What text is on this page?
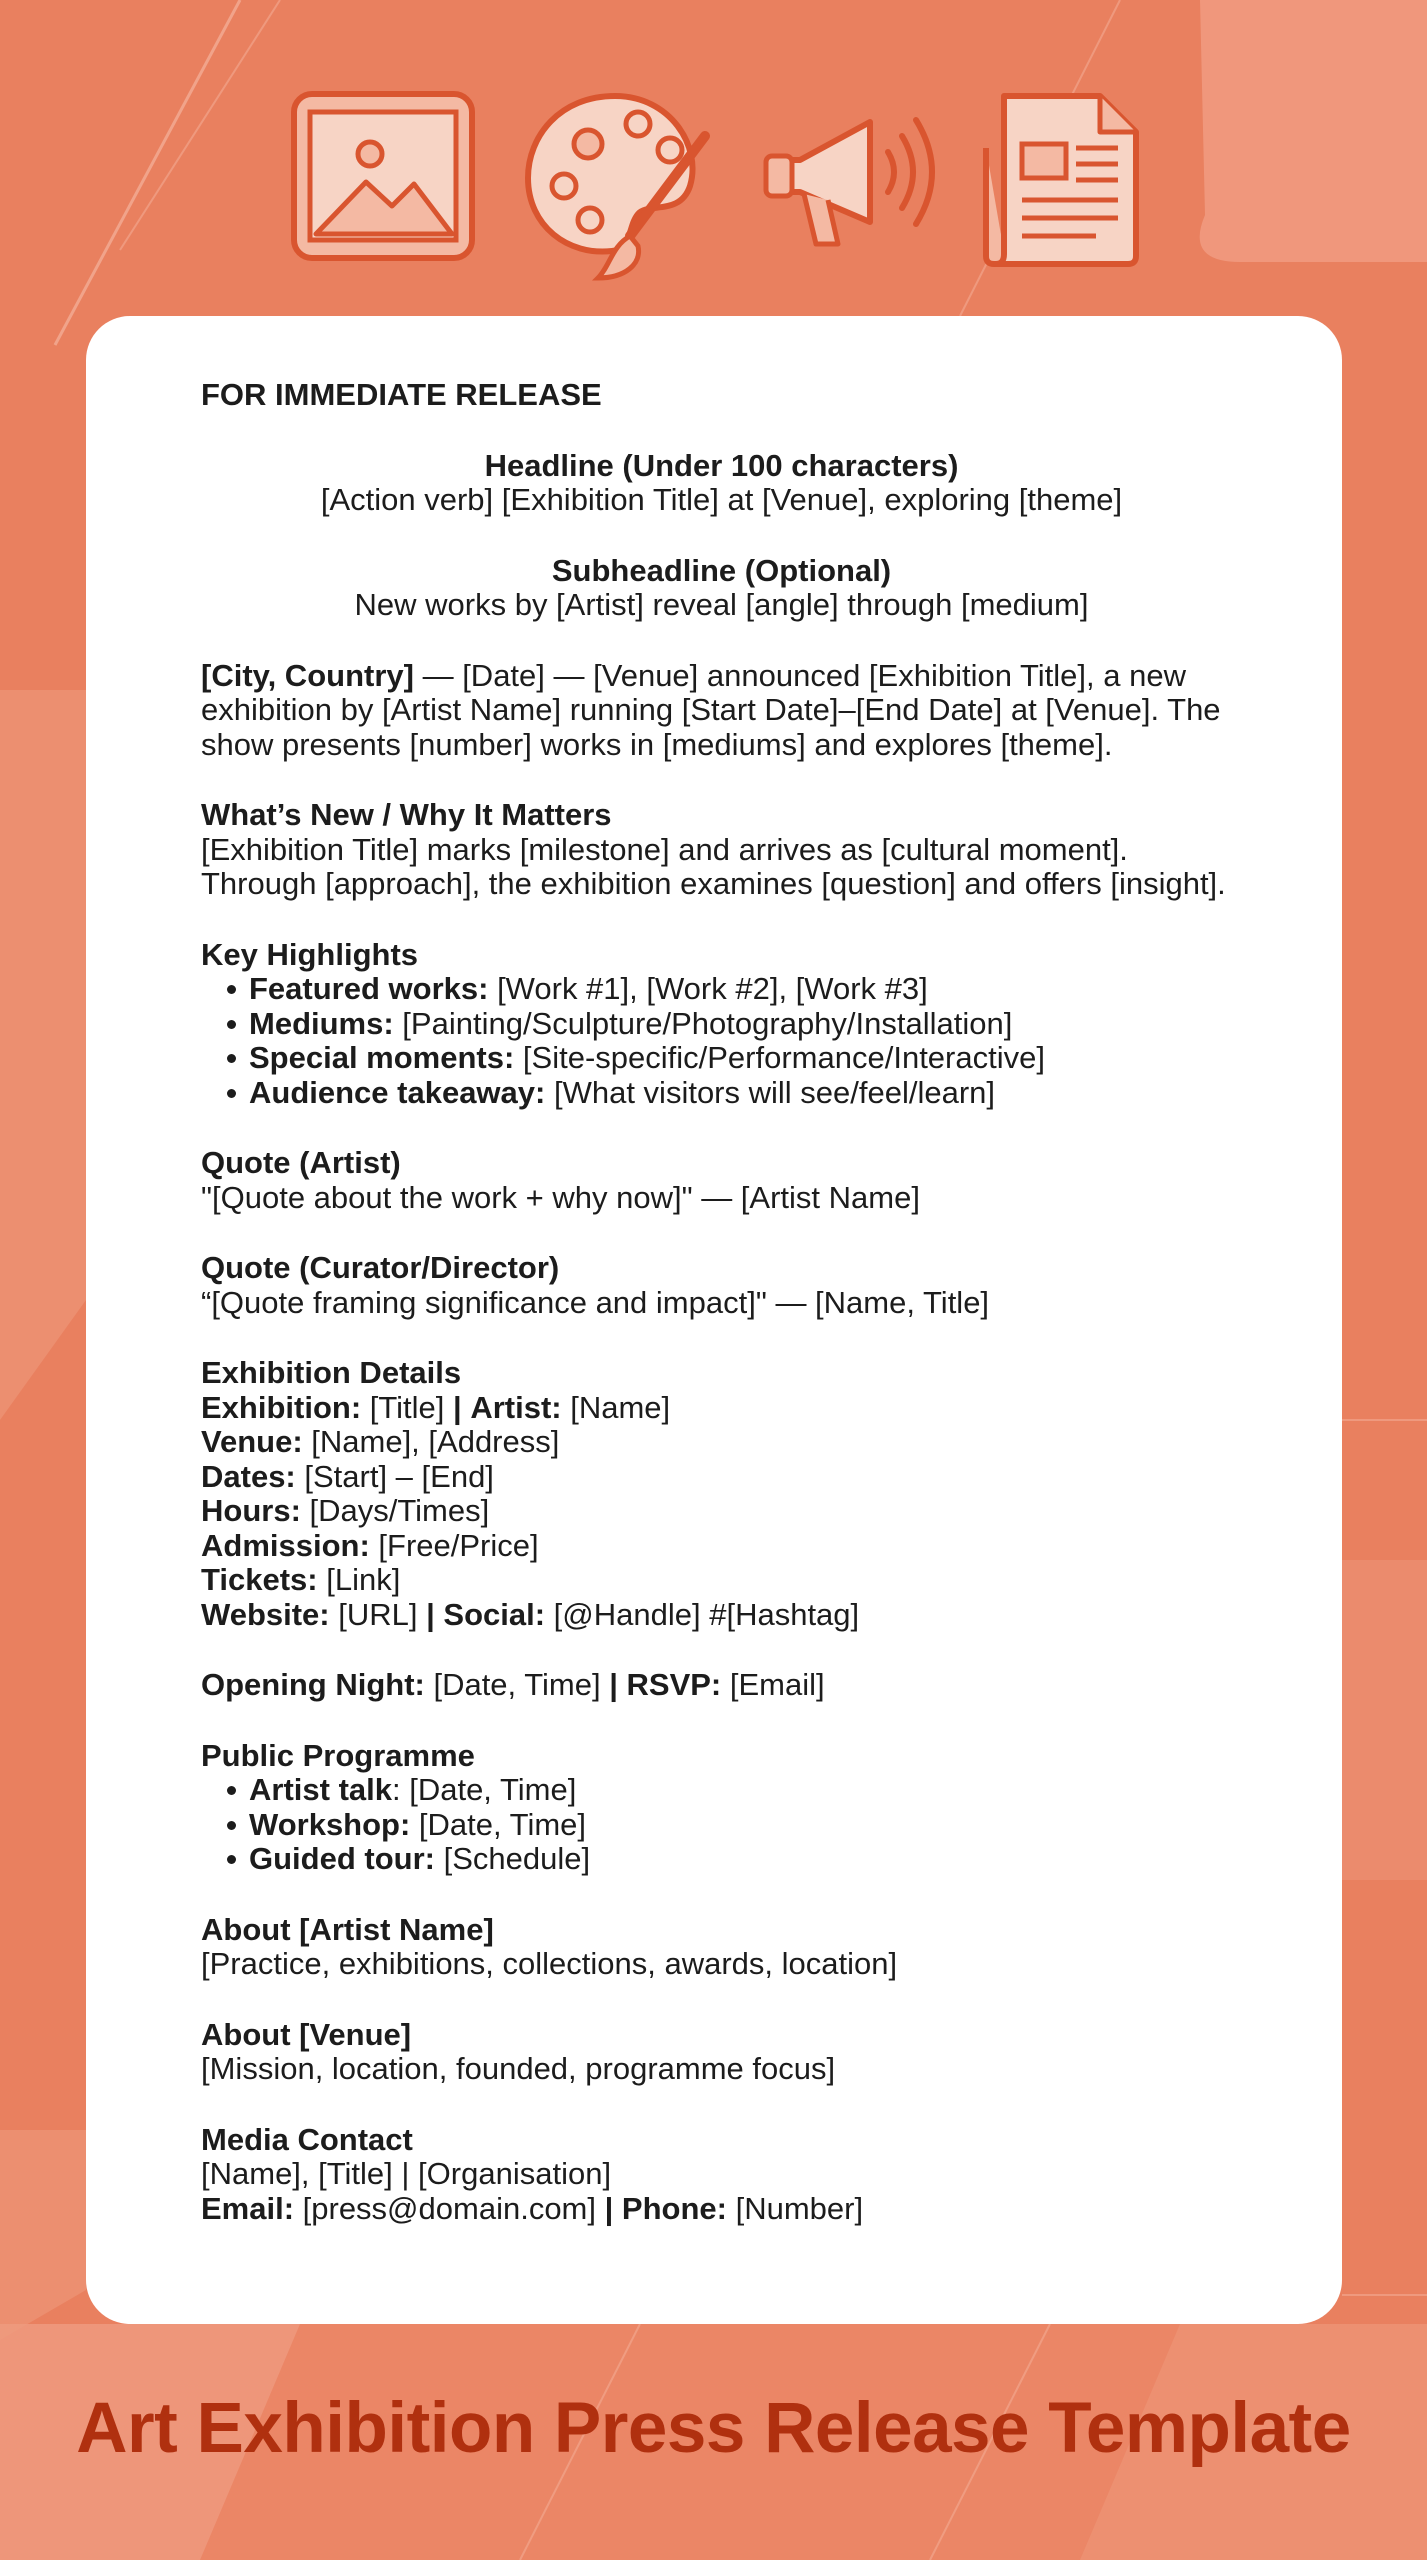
FOR IMMEDIATE RELEASE

Headline (Under 100 characters)

[Action verb] [Exhibition Title] at [Venue], exploring [theme]

Subheadline (Optional)

New works by [Artist] reveal [angle] through [medium]

[City, Country] — [Date] — [Venue] announced [Exhibition Title], a new

exhibition by [Artist Name] running [Start Date]–[End Date] at [Venue]. The

show presents [number] works in [mediums] and explores [theme].

What’s New / Why It Matters

[Exhibition Title] marks [milestone] and arrives as [cultural moment].

Through [approach], the exhibition examines [question] and offers [insight].

Key Highlights

Featured works: [Work #1], [Work #2], [Work #3]
Mediums: [Painting/Sculpture/Photography/Installation]
Special moments: [Site-specific/Performance/Interactive]
Audience takeaway: [What visitors will see/feel/learn]

Quote (Artist)

"[Quote about the work + why now]" — [Artist Name]

Quote (Curator/Director)

“[Quote framing significance and impact]" — [Name, Title]

Exhibition Details

Exhibition: [Title] | Artist: [Name]

Venue: [Name], [Address]

Dates: [Start] – [End]

Hours: [Days/Times]

Admission: [Free/Price]

Tickets: [Link]

Website: [URL] | Social: [@Handle] #[Hashtag]

Opening Night: [Date, Time] | RSVP: [Email]

Public Programme

Artist talk: [Date, Time]
Workshop: [Date, Time]
Guided tour: [Schedule]

About [Artist Name]

[Practice, exhibitions, collections, awards, location]

About [Venue]

[Mission, location, founded, programme focus]

Media Contact

[Name], [Title] | [Organisation]

Email: [press@domain.com] | Phone: [Number]

Art Exhibition Press Release Template
